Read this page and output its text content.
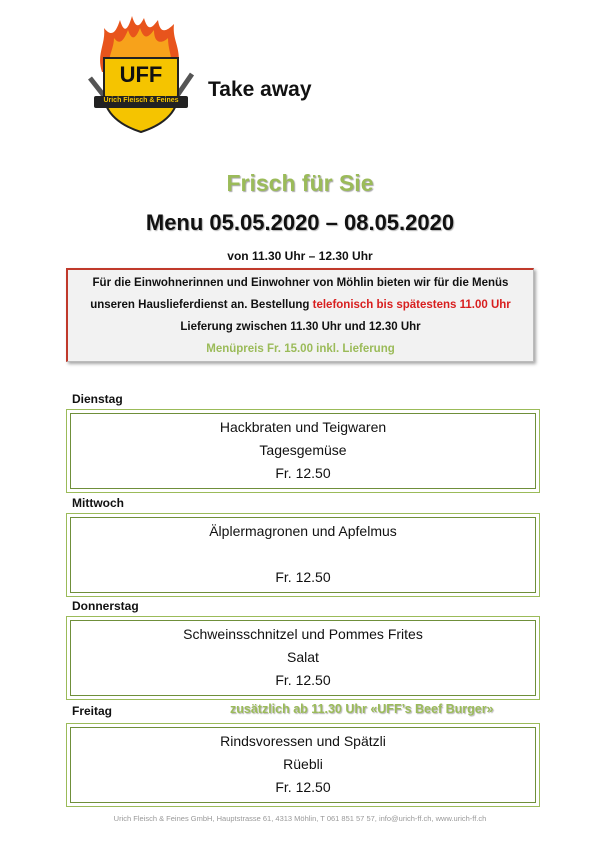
UFF
Urich Fleisch & Feines	Take away
Frisch für Sie
Menu 05.05.2020 – 08.05.2020
von 11.30 Uhr – 12.30 Uhr
Für die Einwohnerinnen und Einwohner von Möhlin bieten wir für die Menüs
unseren Hauslieferdienst an. Bestellung telefonisch bis spätestens 11.00 Uhr
Lieferung zwischen 11.30 Uhr und 12.30 Uhr
Menüpreis Fr. 15.00 inkl. Lieferung
Dienstag
Hackbraten und Teigwaren
Tagesgemüse
Fr. 12.50
Mittwoch
Älplermagronen und Apfelmus
Fr. 12.50
Donnerstag
Schweinsschnitzel und Pommes Frites
Salat
Fr. 12.50
Freitag	zusätzlich ab 11.30 Uhr «UFF’s Beef Burger»
Rindsvoressen und Spätzli
Rüebli
Fr. 12.50
Urich Fleisch & Feines GmbH, Hauptstrasse 61, 4313 Möhlin, T 061 851 57 57, info@urich-ff.ch, www.urich-ff.ch
